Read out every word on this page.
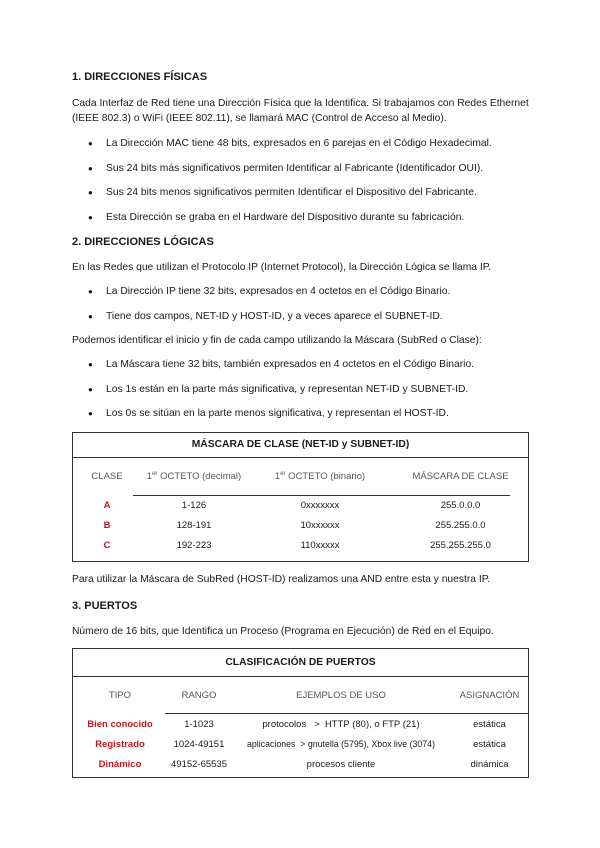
1. DIRECCIONES FÍSICAS

Cada Interfaz de Red tiene una Dirección Física que la Identifica. Si trabajamos con Redes Ethernet (IEEE 802.3) o WiFi (IEEE 802.11), se llamará MAC (Control de Acceso al Medio).

● La Dirección MAC tiene 48 bits, expresados en 6 parejas en el Código Hexadecimal.
● Sus 24 bits más significativos permiten Identificar al Fabricante (Identificador OUI).
● Sus 24 bits menos significativos permiten Identificar el Dispositivo del Fabricante.
● Esta Dirección se graba en el Hardware del Dispositivo durante su fabricación.
2. DIRECCIONES LÓGICAS

En las Redes que utilizan el Protocolo IP (Internet Protocol), la Dirección Lógica se llama IP.

● La Dirección IP tiene 32 bits, expresados en 4 octetos en el Código Binario.
● Tiene dos campos, NET-ID y HOST-ID, y a veces aparece el SUBNET-ID.

Podemos identificar el inicio y fin de cada campo utilizando la Máscara (SubRed o Clase):

● La Máscara tiene 32 bits, también expresados en 4 octetos en el Código Binario.
● Los 1s están en la parte más significativa, y representan NET-ID y SUBNET-ID.
● Los 0s se sitúan en la parte menos significativa, y representan el HOST-ID.
MÁSCARA DE CLASE (NET-ID y SUBNET-ID)
CLASE	1er OCTETO (decimal)	1er OCTETO (binario)	MÁSCARA DE CLASE

A	1-126	0xxxxxxx	255.0.0.0
B	128-191	10xxxxxx	255.255.0.0
C	192-223	110xxxxx	255.255.255.0

Para utilizar la Máscara de SubRed (HOST-ID) realizamos una AND entre esta y nuestra IP.

3. PUERTOS

Número de 16 bits, que Identifica un Proceso (Programa en Ejecución) de Red en el Equipo.

CLASIFICACIÓN DE PUERTOS
TIPO	RANGO	EJEMPLOS DE USO	ASIGNACIÓN

Bien conocido	1-1023	protocolos   >  HTTP (80), o FTP (21)	estática
Registrado	1024-49151	aplicaciones  > gnutella (5795), Xbox live (3074)	estática
Dinámico	49152-65535	procesos cliente	dinámica
